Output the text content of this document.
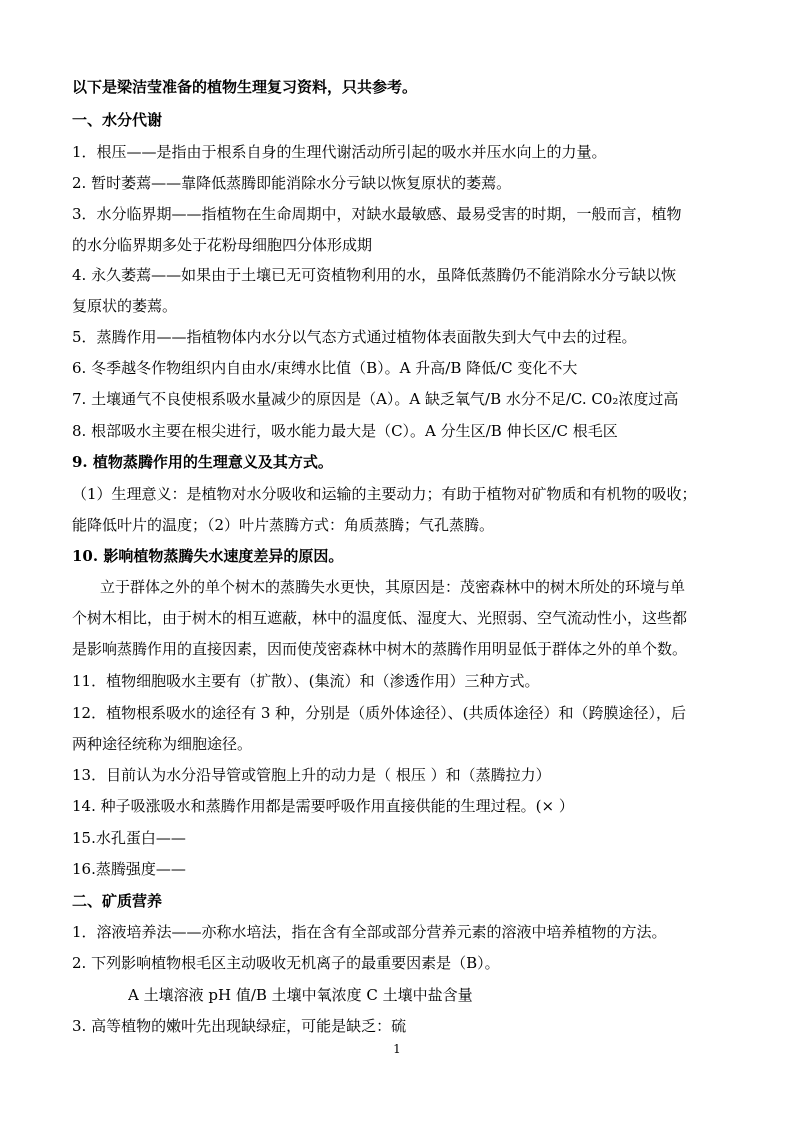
以下是梁洁莹准备的植物生理复习资料，只共参考。
一、水分代谢
1．根压——是指由于根系自身的生理代谢活动所引起的吸水并压水向上的力量。
2. 暂时萎蔫——靠降低蒸腾即能消除水分亏缺以恢复原状的萎蔫。
3．水分临界期——指植物在生命周期中，对缺水最敏感、最易受害的时期，一般而言，植物
的水分临界期多处于花粉母细胞四分体形成期
4. 永久萎蔫——如果由于土壤已无可资植物利用的水，虽降低蒸腾仍不能消除水分亏缺以恢
复原状的萎蔫。
5．蒸腾作用——指植物体内水分以气态方式通过植物体表面散失到大气中去的过程。
6. 冬季越冬作物组织内自由水/束缚水比值（B）。A 升高/B 降低/C 变化不大
7. 土壤通气不良使根系吸水量减少的原因是（A）。A 缺乏氧气/B 水分不足/C. C0₂浓度过高
8. 根部吸水主要在根尖进行，吸水能力最大是（C）。A 分生区/B 伸长区/C 根毛区
9. 植物蒸腾作用的生理意义及其方式。
（1）生理意义：是植物对水分吸收和运输的主要动力；有助于植物对矿物质和有机物的吸收；
能降低叶片的温度；（2）叶片蒸腾方式：角质蒸腾；气孔蒸腾。
10. 影响植物蒸腾失水速度差异的原因。
立于群体之外的单个树木的蒸腾失水更快，其原因是：茂密森林中的树木所处的环境与单
个树木相比，由于树木的相互遮蔽，林中的温度低、湿度大、光照弱、空气流动性小，这些都
是影响蒸腾作用的直接因素，因而使茂密森林中树木的蒸腾作用明显低于群体之外的单个数。
11．植物细胞吸水主要有（扩散）、(集流）和（渗透作用）三种方式。
12．植物根系吸水的途径有 3 种，分别是（质外体途径）、(共质体途径）和（跨膜途径），后
两种途径统称为细胞途径。
13．目前认为水分沿导管或管胞上升的动力是（ 根压 ）和（蒸腾拉力）
14. 种子吸涨吸水和蒸腾作用都是需要呼吸作用直接供能的生理过程。(× ）
15.水孔蛋白——
16.蒸腾强度——
二、矿质营养
1．溶液培养法——亦称水培法，指在含有全部或部分营养元素的溶液中培养植物的方法。
2. 下列影响植物根毛区主动吸收无机离子的最重要因素是（B）。
A 土壤溶液 pH 值/B 土壤中氧浓度 C 土壤中盐含量
3. 高等植物的嫩叶先出现缺绿症，可能是缺乏：硫
1
